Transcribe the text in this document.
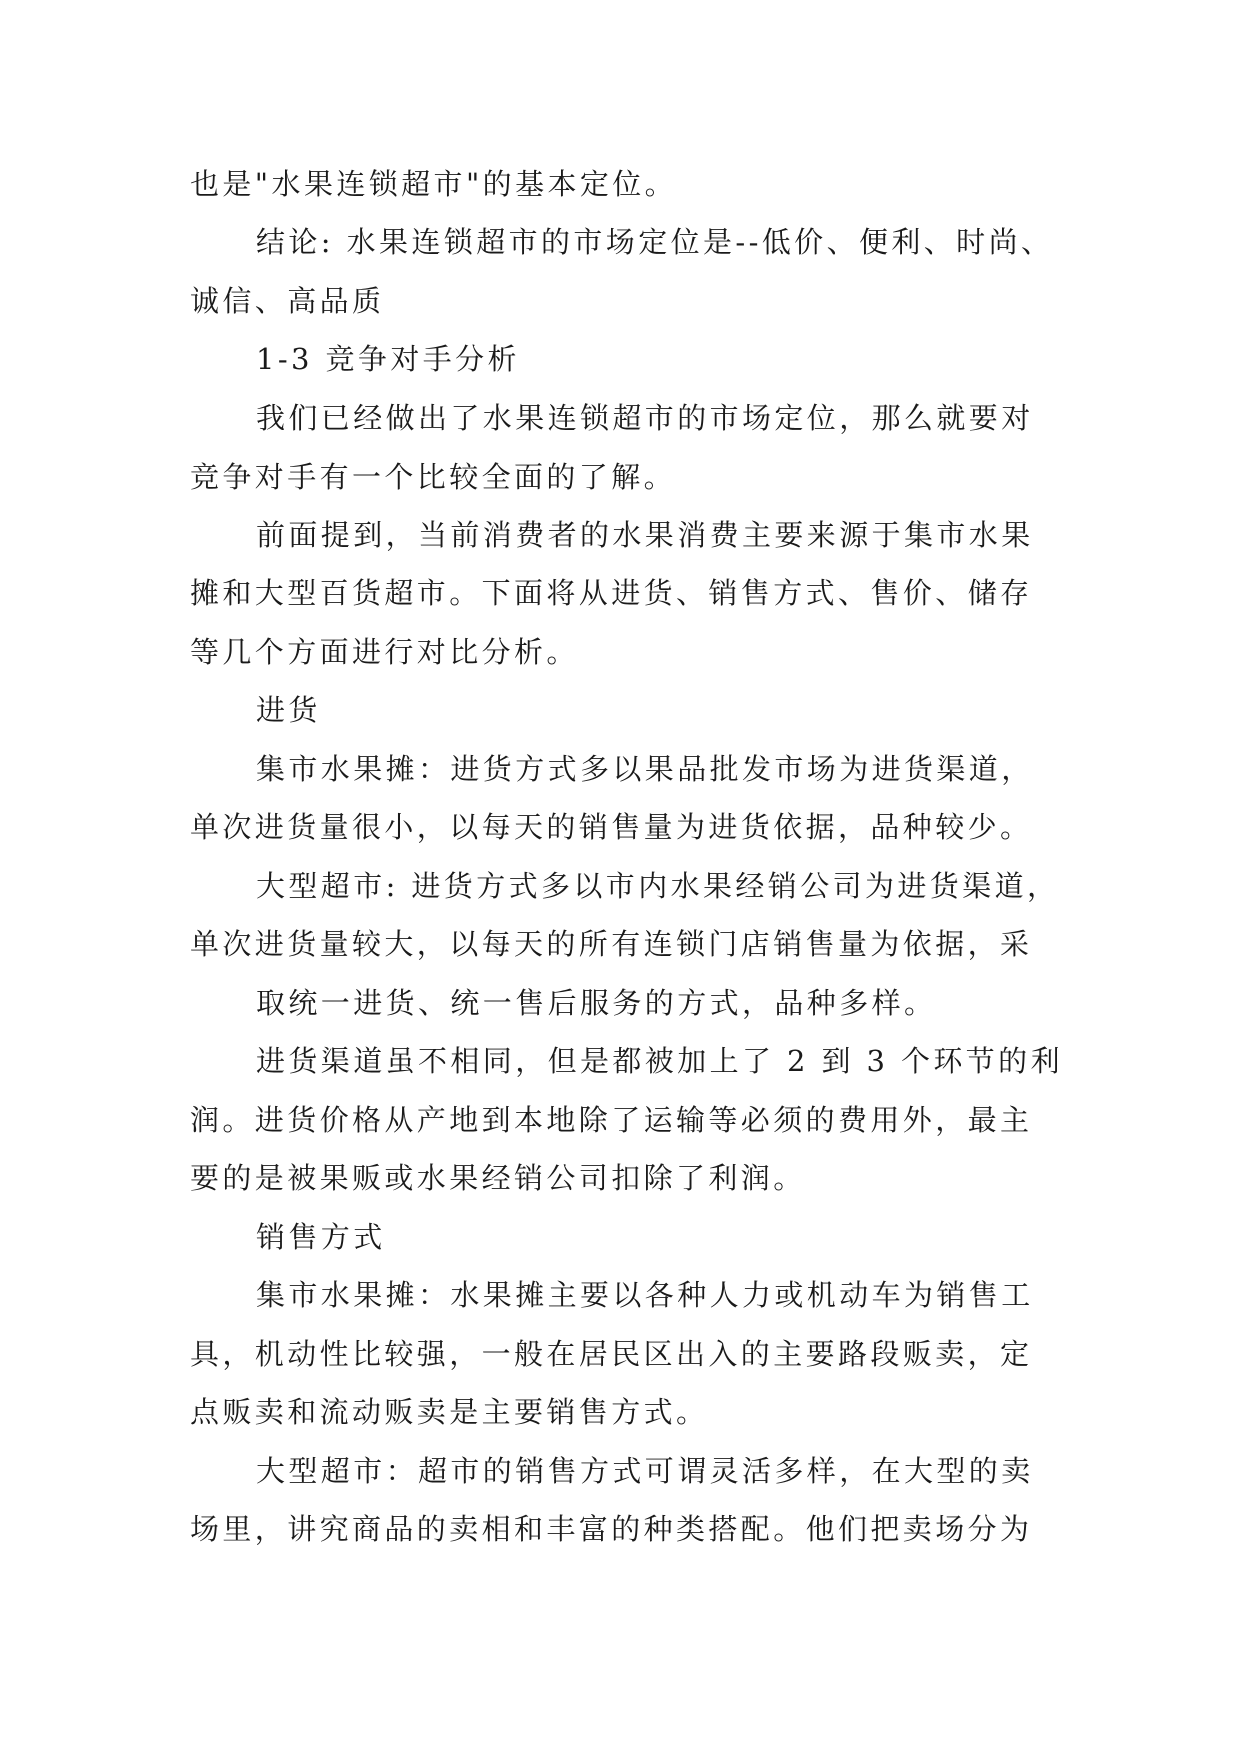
也是"水果连锁超市"的基本定位。
结论: 水果连锁超市的市场定位是--低价、便利、时尚、
诚信、高品质
1-3 竞争对手分析
我们已经做出了水果连锁超市的市场定位，那么就要对
竞争对手有一个比较全面的了解。
前面提到，当前消费者的水果消费主要来源于集市水果
摊和大型百货超市。下面将从进货、销售方式、售价、储存
等几个方面进行对比分析。
进货
集市水果摊：进货方式多以果品批发市场为进货渠道，
单次进货量很小，以每天的销售量为进货依据，品种较少。
大型超市: 进货方式多以市内水果经销公司为进货渠道，
单次进货量较大，以每天的所有连锁门店销售量为依据，采
取统一进货、统一售后服务的方式，品种多样。
进货渠道虽不相同，但是都被加上了 2 到 3 个环节的利
润。进货价格从产地到本地除了运输等必须的费用外，最主
要的是被果贩或水果经销公司扣除了利润。
销售方式
集市水果摊：水果摊主要以各种人力或机动车为销售工
具，机动性比较强，一般在居民区出入的主要路段贩卖，定
点贩卖和流动贩卖是主要销售方式。
大型超市：超市的销售方式可谓灵活多样，在大型的卖
场里，讲究商品的卖相和丰富的种类搭配。他们把卖场分为
